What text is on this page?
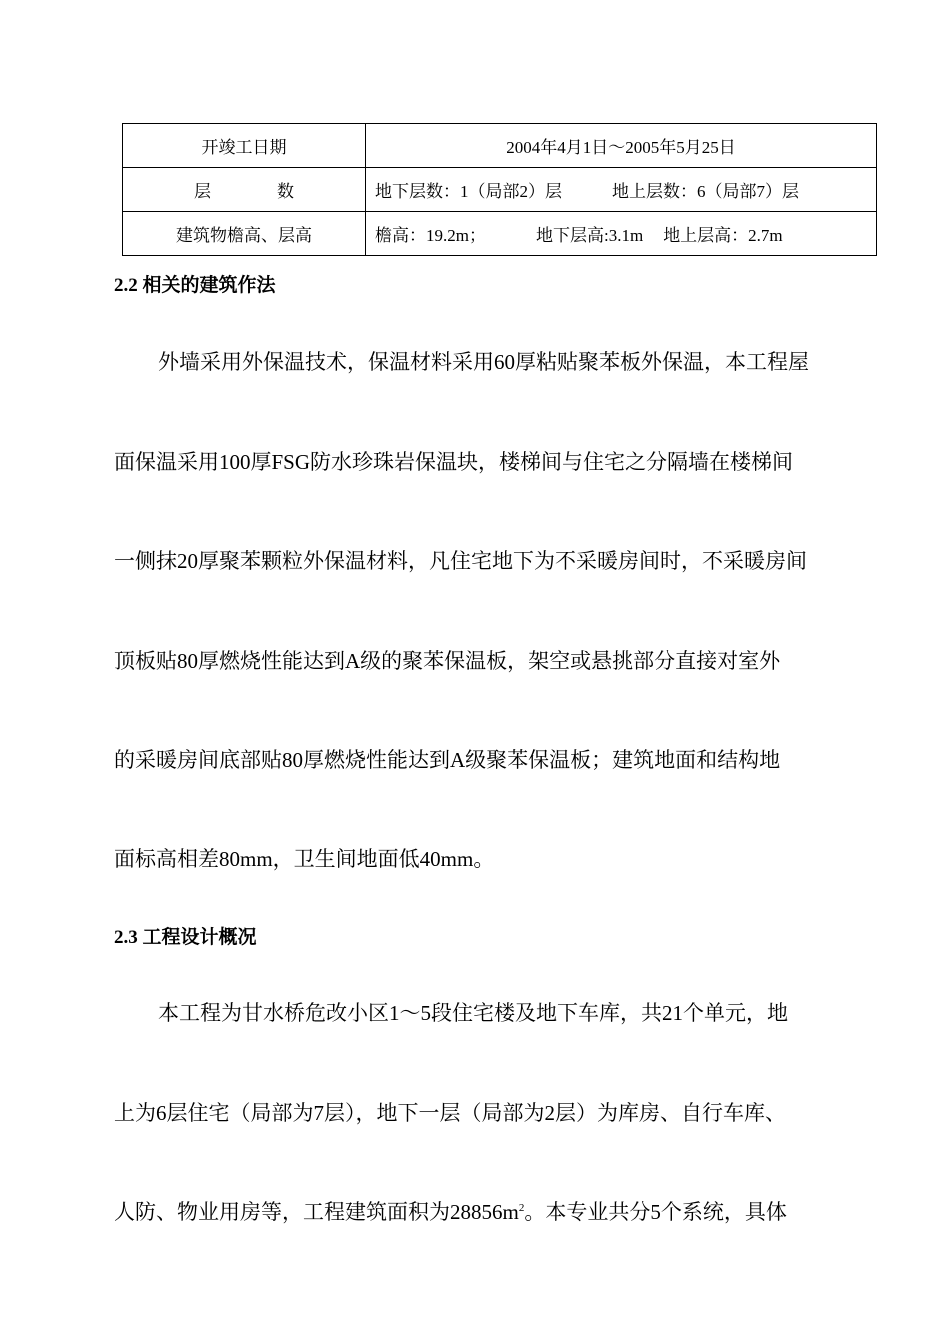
开竣工日期	2004年4月1日～2005年5月25日
层 数	地下层数：1（局部2）层 地上层数：6（局部7）层
建筑物檐高、层高	檐高：19.2m； 地下层高:3.1m 地上层高：2.7m

2.2 相关的建筑作法

外墙采用外保温技术，保温材料采用60厚粘贴聚苯板外保温，本工程屋

面保温采用100厚FSG防水珍珠岩保温块，楼梯间与住宅之分隔墙在楼梯间

一侧抹20厚聚苯颗粒外保温材料，凡住宅地下为不采暖房间时，不采暖房间

顶板贴80厚燃烧性能达到A级的聚苯保温板，架空或悬挑部分直接对室外

的采暖房间底部贴80厚燃烧性能达到A级聚苯保温板；建筑地面和结构地

面标高相差80mm，卫生间地面低40mm。

2.3 工程设计概况

本工程为甘水桥危改小区1～5段住宅楼及地下车库，共21个单元，地

上为6层住宅（局部为7层），地下一层（局部为2层）为库房、自行车库、

人防、物业用房等，工程建筑面积为$28856m^2$。本专业共分5个系统，具体
